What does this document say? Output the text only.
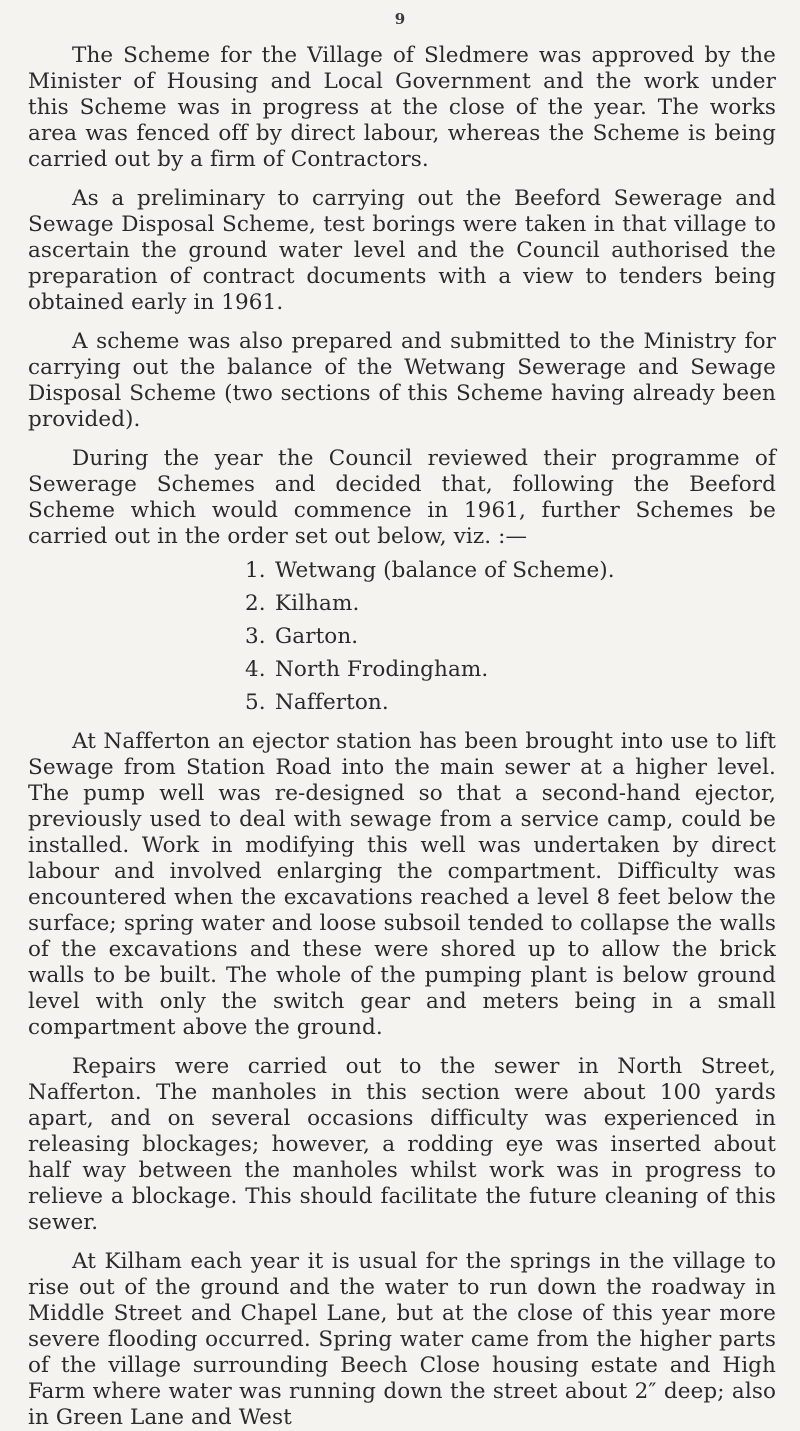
9

The Scheme for the Village of Sledmere was approved by the Minister of Housing and Local Government and the work under this Scheme was in progress at the close of the year. The works area was fenced off by direct labour, whereas the Scheme is being carried out by a firm of Contractors.

As a preliminary to carrying out the Beeford Sewerage and Sewage Disposal Scheme, test borings were taken in that village to ascertain the ground water level and the Council authorised the preparation of contract documents with a view to tenders being obtained early in 1961.

A scheme was also prepared and submitted to the Ministry for carrying out the balance of the Wetwang Sewerage and Sewage Disposal Scheme (two sections of this Scheme having already been provided).

During the year the Council reviewed their programme of Sewerage Schemes and decided that, following the Beeford Scheme which would commence in 1961, further Schemes be carried out in the order set out below, viz. :—

1. Wetwang (balance of Scheme).
2. Kilham.
3. Garton.
4. North Frodingham.
5. Nafferton.

At Nafferton an ejector station has been brought into use to lift Sewage from Station Road into the main sewer at a higher level. The pump well was re-designed so that a second-hand ejector, previously used to deal with sewage from a service camp, could be installed. Work in modifying this well was undertaken by direct labour and involved enlarging the compartment. Difficulty was encountered when the excavations reached a level 8 feet below the surface; spring water and loose subsoil tended to collapse the walls of the excavations and these were shored up to allow the brick walls to be built. The whole of the pumping plant is below ground level with only the switch gear and meters being in a small compartment above the ground.

Repairs were carried out to the sewer in North Street, Nafferton. The manholes in this section were about 100 yards apart, and on several occasions difficulty was experienced in releasing blockages; however, a rodding eye was inserted about half way between the manholes whilst work was in progress to relieve a blockage. This should facilitate the future cleaning of this sewer.

At Kilham each year it is usual for the springs in the village to rise out of the ground and the water to run down the roadway in Middle Street and Chapel Lane, but at the close of this year more severe flooding occurred. Spring water came from the higher parts of the village surrounding Beech Close housing estate and High Farm where water was running down the street about 2″ deep; also in Green Lane and West
